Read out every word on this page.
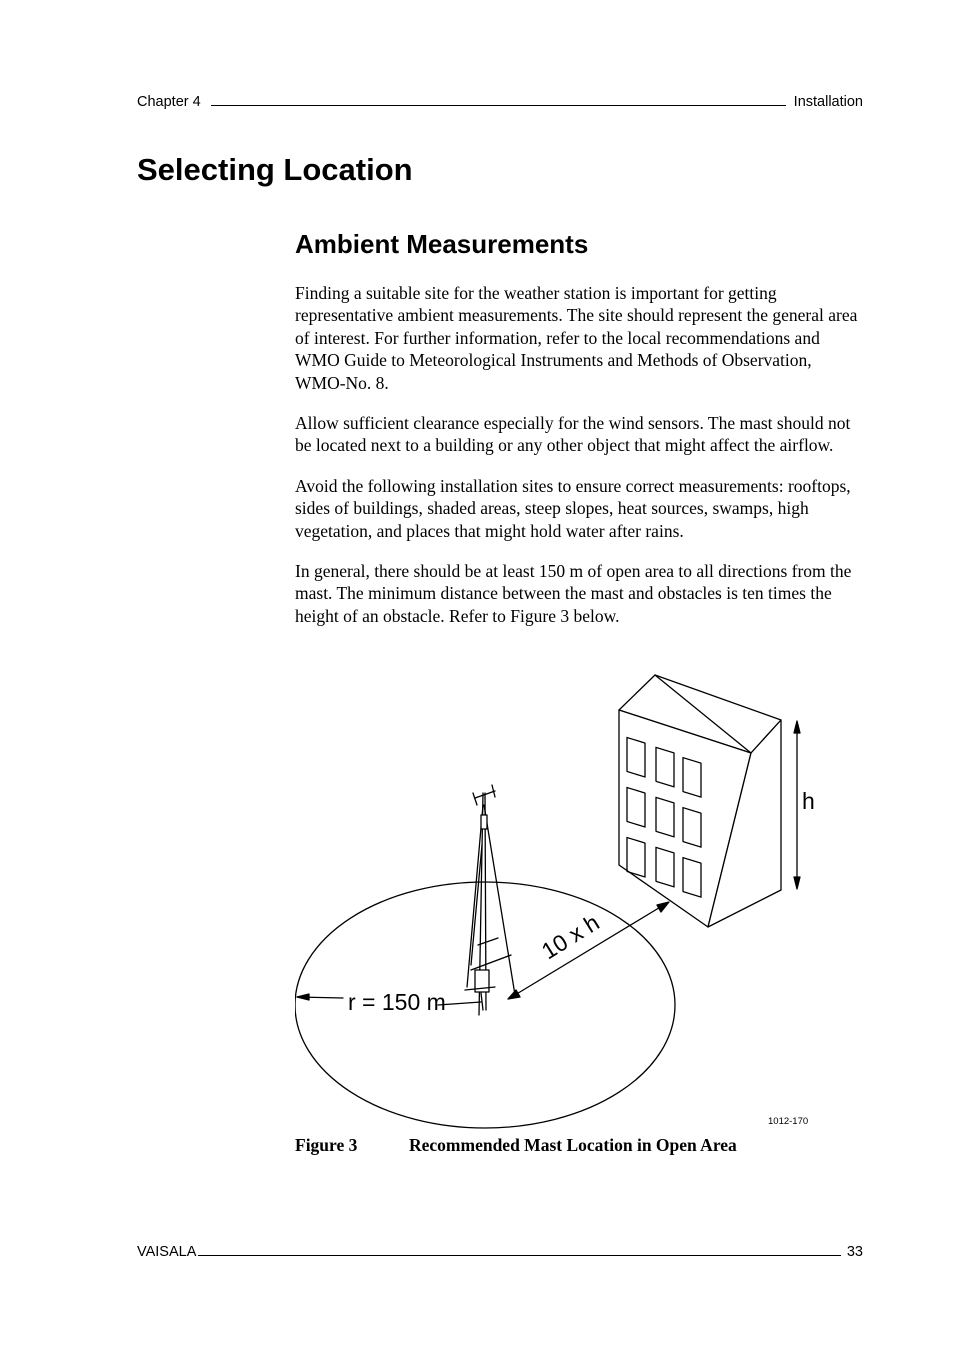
Chapter 4	Installation
Selecting Location
Ambient Measurements

Finding a suitable site for the weather station is important for getting representative ambient measurements. The site should represent the general area of interest. For further information, refer to the local recommendations and WMO Guide to Meteorological Instruments and Methods of Observation, WMO-No. 8.

Allow sufficient clearance especially for the wind sensors. The mast should not be located next to a building or any other object that might affect the airflow.

Avoid the following installation sites to ensure correct measurements: rooftops, sides of buildings, shaded areas, steep slopes, heat sources, swamps, high vegetation, and places that might hold water after rains.

In general, there should be at least 150 m of open area to all directions from the mast. The minimum distance between the mast and obstacles is ten times the height of an obstacle. Refer to Figure 3 below.

r = 150 m
10 x h
h
1012-170
Figure 3	Recommended Mast Location in Open Area
VAISALA	33
